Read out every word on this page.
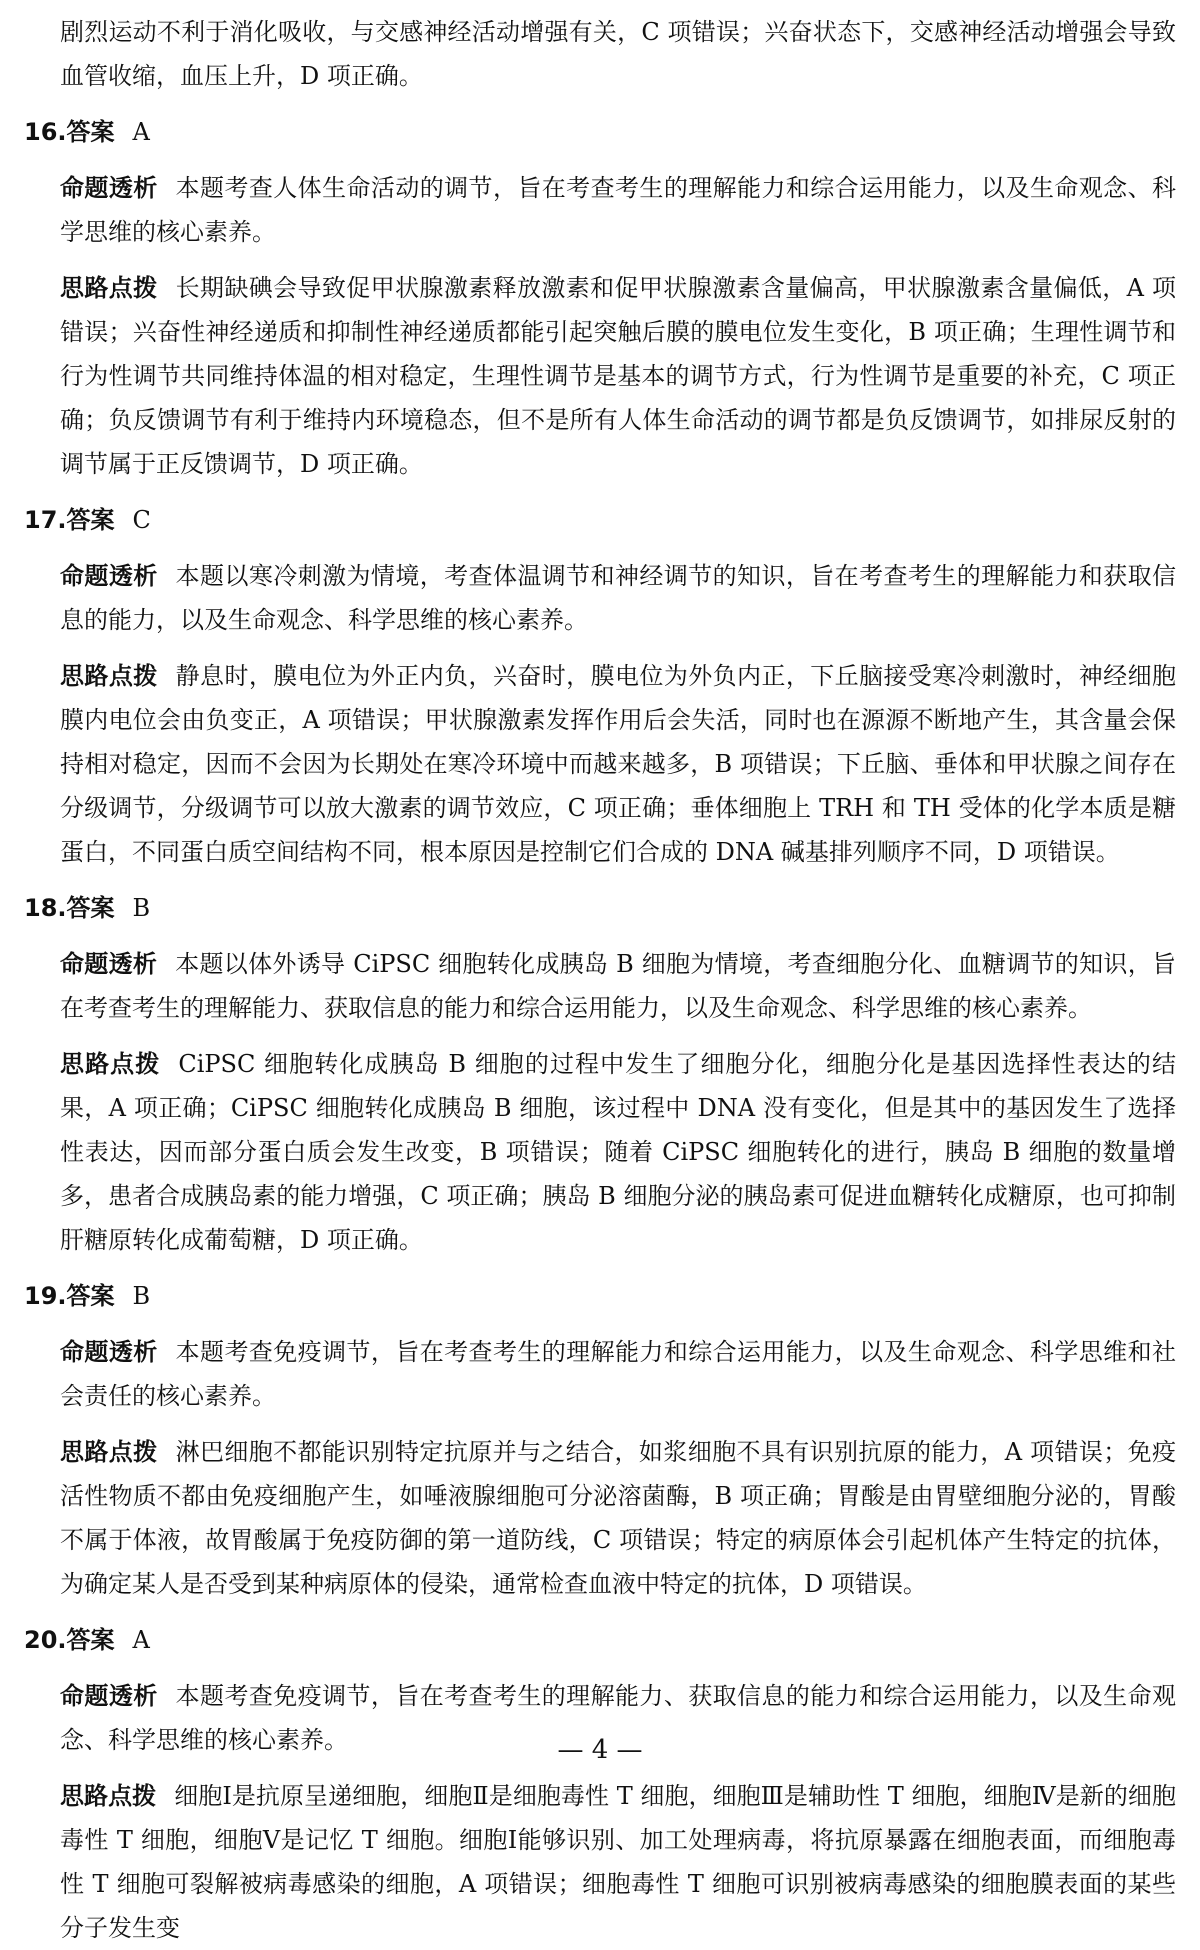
剧烈运动不利于消化吸收，与交感神经活动增强有关，C 项错误；兴奋状态下，交感神经活动增强会导致血管收缩，血压上升，D 项正确。

16.答案 A

命题透析 本题考查人体生命活动的调节，旨在考查考生的理解能力和综合运用能力，以及生命观念、科学思维的核心素养。

思路点拨 长期缺碘会导致促甲状腺激素释放激素和促甲状腺激素含量偏高，甲状腺激素含量偏低，A 项错误；兴奋性神经递质和抑制性神经递质都能引起突触后膜的膜电位发生变化，B 项正确；生理性调节和行为性调节共同维持体温的相对稳定，生理性调节是基本的调节方式，行为性调节是重要的补充，C 项正确；负反馈调节有利于维持内环境稳态，但不是所有人体生命活动的调节都是负反馈调节，如排尿反射的调节属于正反馈调节，D 项正确。

17.答案 C

命题透析 本题以寒冷刺激为情境，考查体温调节和神经调节的知识，旨在考查考生的理解能力和获取信息的能力，以及生命观念、科学思维的核心素养。

思路点拨 静息时，膜电位为外正内负，兴奋时，膜电位为外负内正，下丘脑接受寒冷刺激时，神经细胞膜内电位会由负变正，A 项错误；甲状腺激素发挥作用后会失活，同时也在源源不断地产生，其含量会保持相对稳定，因而不会因为长期处在寒冷环境中而越来越多，B 项错误；下丘脑、垂体和甲状腺之间存在分级调节，分级调节可以放大激素的调节效应，C 项正确；垂体细胞上 TRH 和 TH 受体的化学本质是糖蛋白，不同蛋白质空间结构不同，根本原因是控制它们合成的 DNA 碱基排列顺序不同，D 项错误。

18.答案 B

命题透析 本题以体外诱导 CiPSC 细胞转化成胰岛 B 细胞为情境，考查细胞分化、血糖调节的知识，旨在考查考生的理解能力、获取信息的能力和综合运用能力，以及生命观念、科学思维的核心素养。

思路点拨 CiPSC 细胞转化成胰岛 B 细胞的过程中发生了细胞分化，细胞分化是基因选择性表达的结果，A 项正确；CiPSC 细胞转化成胰岛 B 细胞，该过程中 DNA 没有变化，但是其中的基因发生了选择性表达，因而部分蛋白质会发生改变，B 项错误；随着 CiPSC 细胞转化的进行，胰岛 B 细胞的数量增多，患者合成胰岛素的能力增强，C 项正确；胰岛 B 细胞分泌的胰岛素可促进血糖转化成糖原，也可抑制肝糖原转化成葡萄糖，D 项正确。

19.答案 B

命题透析 本题考查免疫调节，旨在考查考生的理解能力和综合运用能力，以及生命观念、科学思维和社会责任的核心素养。

思路点拨 淋巴细胞不都能识别特定抗原并与之结合，如浆细胞不具有识别抗原的能力，A 项错误；免疫活性物质不都由免疫细胞产生，如唾液腺细胞可分泌溶菌酶，B 项正确；胃酸是由胃壁细胞分泌的，胃酸不属于体液，故胃酸属于免疫防御的第一道防线，C 项错误；特定的病原体会引起机体产生特定的抗体，为确定某人是否受到某种病原体的侵染，通常检查血液中特定的抗体，D 项错误。

20.答案 A

命题透析 本题考查免疫调节，旨在考查考生的理解能力、获取信息的能力和综合运用能力，以及生命观念、科学思维的核心素养。

思路点拨 细胞Ⅰ是抗原呈递细胞，细胞Ⅱ是细胞毒性 T 细胞，细胞Ⅲ是辅助性 T 细胞，细胞Ⅳ是新的细胞毒性 T 细胞，细胞Ⅴ是记忆 T 细胞。细胞Ⅰ能够识别、加工处理病毒，将抗原暴露在细胞表面，而细胞毒性 T 细胞可裂解被病毒感染的细胞，A 项错误；细胞毒性 T 细胞可识别被病毒感染的细胞膜表面的某些分子发生变

— 4 —
